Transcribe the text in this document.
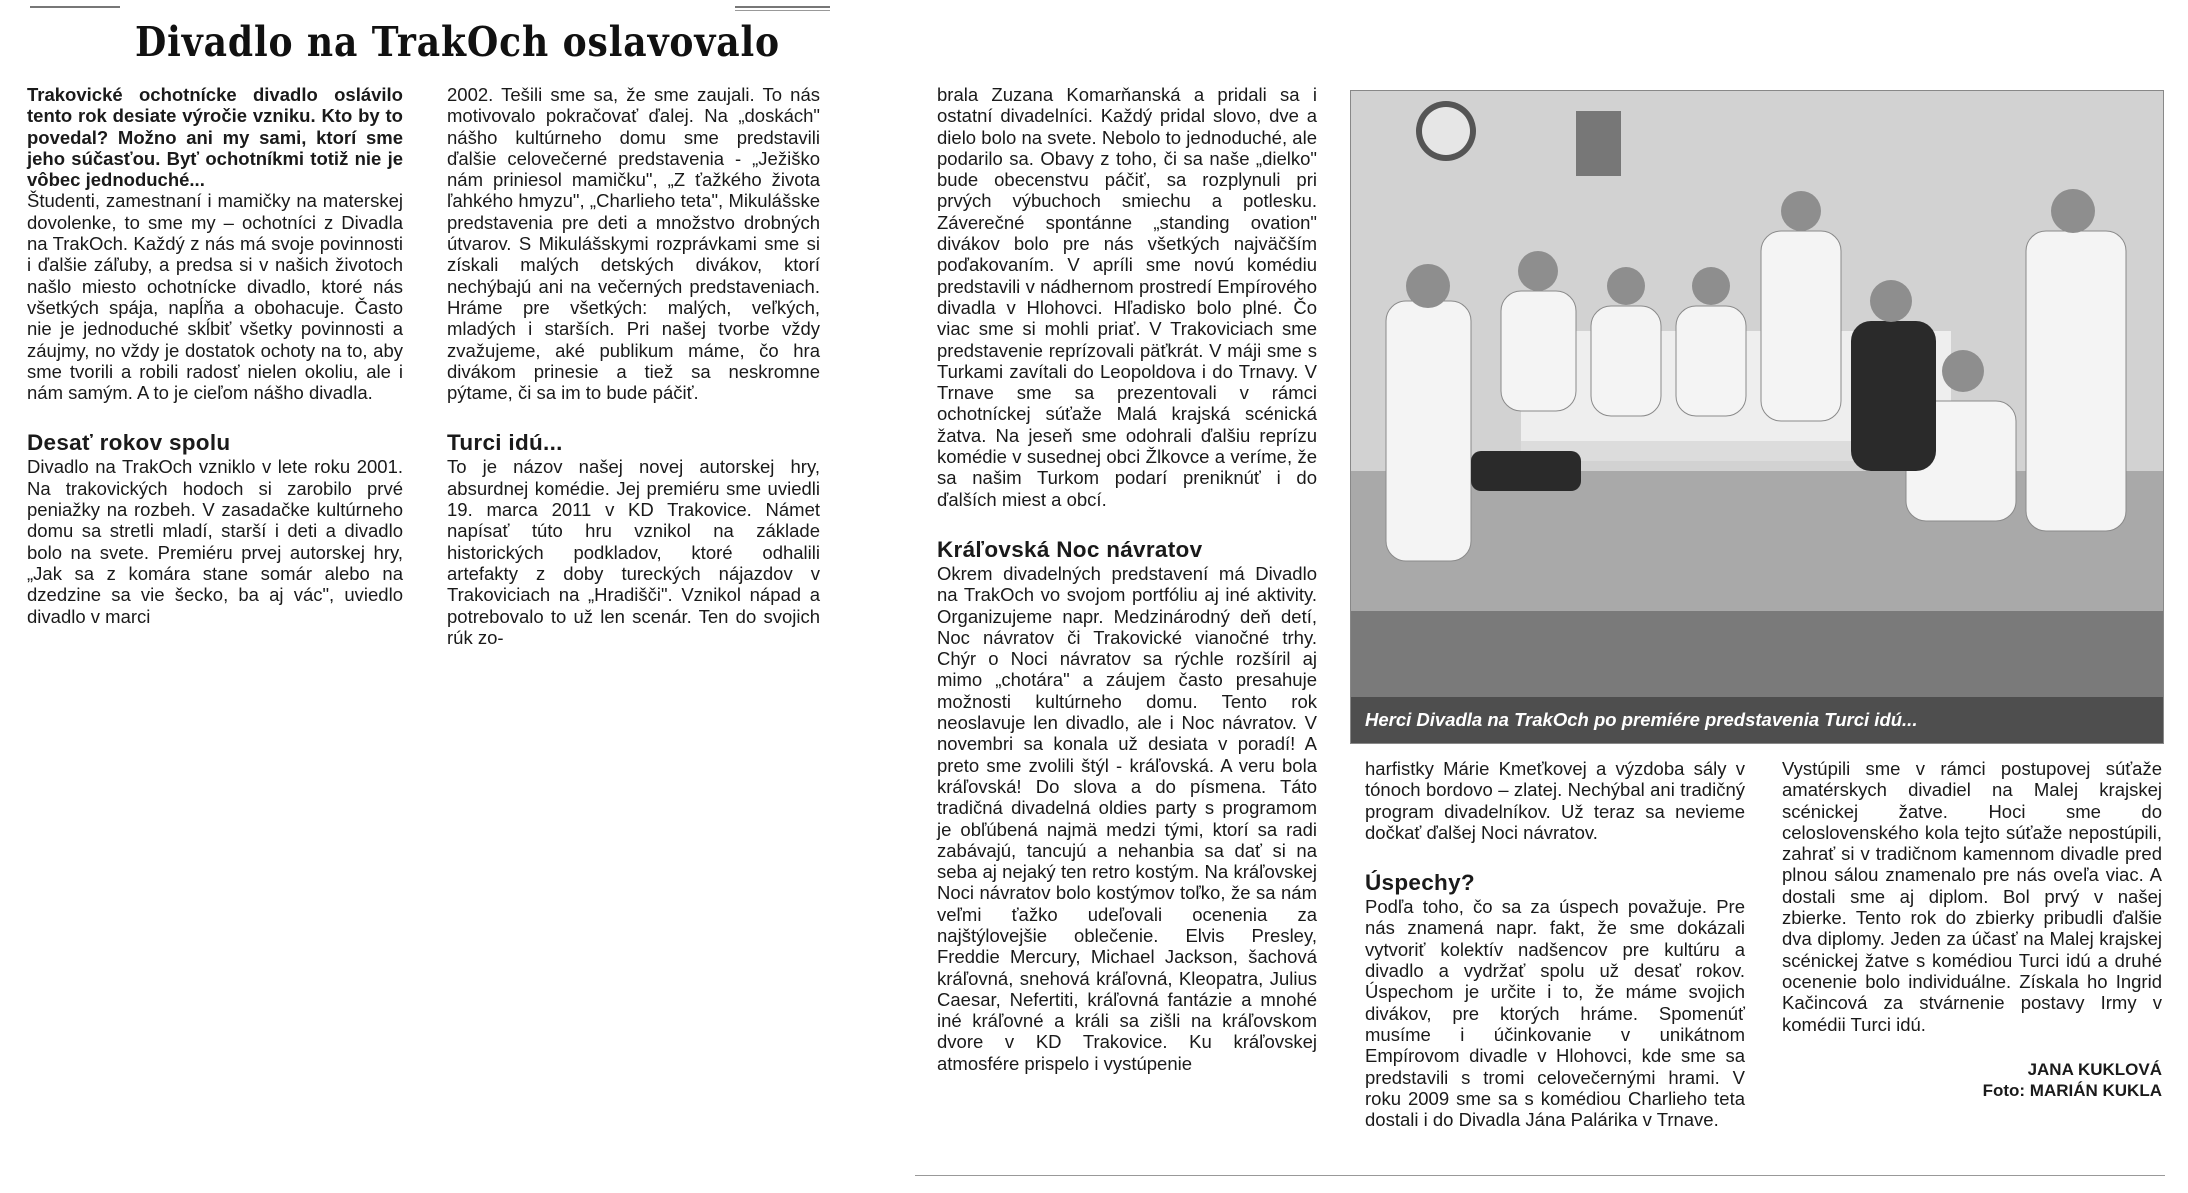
Divadlo na TrakOch oslavovalo

Trakovické ochotnícke divadlo oslávilo tento rok desiate výročie vzniku. Kto by to povedal? Možno ani my sami, ktorí sme jeho súčasťou. Byť ochotníkmi totiž nie je vôbec jednoduché...

Študenti, zamestnaní i mamičky na materskej dovolenke, to sme my – ochotníci z Divadla na TrakOch. Každý z nás má svoje povinnosti i ďalšie záľuby, a predsa si v našich životoch našlo miesto ochotnícke divadlo, ktoré nás všetkých spája, napĺňa a obohacuje. Často nie je jednoduché skĺbiť všetky povinnosti a záujmy, no vždy je dostatok ochoty na to, aby sme tvorili a robili radosť nielen okoliu, ale i nám samým. A to je cieľom nášho divadla.

Desať rokov spolu

Divadlo na TrakOch vzniklo v lete roku 2001. Na trakovických hodoch si zarobilo prvé peniažky na rozbeh. V zasadačke kultúrneho domu sa stretli mladí, starší i deti a divadlo bolo na svete. Premiéru prvej autorskej hry, „Jak sa z komára stane somár alebo na dzedzine sa vie šecko, ba aj vác", uviedlo divadlo v marci

2002. Tešili sme sa, že sme zaujali. To nás motivovalo pokračovať ďalej. Na „doskách" nášho kultúrneho domu sme predstavili ďalšie celovečerné predstavenia - „Ježiško nám priniesol mamičku", „Z ťažkého života ľahkého hmyzu", „Charlieho teta", Mikulášske predstavenia pre deti a množstvo drobných útvarov. S Mikulášskymi rozprávkami sme si získali malých detských divákov, ktorí nechýbajú ani na večerných predstaveniach. Hráme pre všetkých: malých, veľkých, mladých i starších. Pri našej tvorbe vždy zvažujeme, aké publikum máme, čo hra divákom prinesie a tiež sa neskromne pýtame, či sa im to bude páčiť.

Turci idú...

To je názov našej novej autorskej hry, absurdnej komédie. Jej premiéru sme uviedli 19. marca 2011 v KD Trakovice. Námet napísať túto hru vznikol na základe historických podkladov, ktoré odhalili artefakty z doby tureckých nájazdov v Trakoviciach na „Hradišči". Vznikol nápad a potrebovalo to už len scenár. Ten do svojich rúk zo-

brala Zuzana Komarňanská a pridali sa i ostatní divadelníci. Každý pridal slovo, dve a dielo bolo na svete. Nebolo to jednoduché, ale podarilo sa. Obavy z toho, či sa naše „dielko" bude obecenstvu páčiť, sa rozplynuli pri prvých výbuchoch smiechu a potlesku. Záverečné spontánne „standing ovation" divákov bolo pre nás všetkých najväčším poďakovaním. V apríli sme novú komédiu predstavili v nádhernom prostredí Empírového divadla v Hlohovci. Hľadisko bolo plné. Čo viac sme si mohli priať. V Trakoviciach sme predstavenie reprízovali päťkrát. V máji sme s Turkami zavítali do Leopoldova i do Trnavy. V Trnave sme sa prezentovali v rámci ochotníckej súťaže Malá krajská scénická žatva. Na jeseň sme odohrali ďalšiu reprízu komédie v susednej obci Žlkovce a veríme, že sa našim Turkom podarí preniknúť i do ďalších miest a obcí.

Kráľovská Noc návratov

Okrem divadelných predstavení má Divadlo na TrakOch vo svojom portfóliu aj iné aktivity. Organizujeme napr. Medzinárodný deň detí, Noc návratov či Trakovické vianočné trhy. Chýr o Noci návratov sa rýchle rozšíril aj mimo „chotára" a záujem často presahuje možnosti kultúrneho domu. Tento rok neoslavuje len divadlo, ale i Noc návratov. V novembri sa konala už desiata v poradí! A preto sme zvolili štýl - kráľovská. A veru bola kráľovská! Do slova a do písmena. Táto tradičná divadelná oldies party s programom je obľúbená najmä medzi tými, ktorí sa radi zabávajú, tancujú a nehanbia sa dať si na seba aj nejaký ten retro kostým. Na kráľovskej Noci návratov bolo kostýmov toľko, že sa nám veľmi ťažko udeľovali ocenenia za najštýlovejšie oblečenie. Elvis Presley, Freddie Mercury, Michael Jackson, šachová kráľovná, snehová kráľovná, Kleopatra, Julius Caesar, Nefertiti, kráľovná fantázie a mnohé iné kráľovné a králi sa zišli na kráľovskom dvore v KD Trakovice. Ku kráľovskej atmosfére prispelo i vystúpenie

Herci Divadla na TrakOch po premiére predstavenia Turci idú...

harfistky Márie Kmeťkovej a výzdoba sály v tónoch bordovo – zlatej. Nechýbal ani tradičný program divadelníkov. Už teraz sa nevieme dočkať ďalšej Noci návratov.

Úspechy?

Podľa toho, čo sa za úspech považuje. Pre nás znamená napr. fakt, že sme dokázali vytvoriť kolektív nadšencov pre kultúru a divadlo a vydržať spolu už desať rokov. Úspechom je určite i to, že máme svojich divákov, pre ktorých hráme. Spomenúť musíme i účinkovanie v unikátnom Empírovom divadle v Hlohovci, kde sme sa predstavili s tromi celovečernými hrami. V roku 2009 sme sa s komédiou Charlieho teta dostali i do Divadla Jána Palárika v Trnave.

Vystúpili sme v rámci postupovej súťaže amatérskych divadiel na Malej krajskej scénickej žatve. Hoci sme do celoslovenského kola tejto súťaže nepostúpili, zahrať si v tradičnom kamennom divadle pred plnou sálou znamenalo pre nás oveľa viac. A dostali sme aj diplom. Bol prvý v našej zbierke. Tento rok do zbierky pribudli ďalšie dva diplomy. Jeden za účasť na Malej krajskej scénickej žatve s komédiou Turci idú a druhé ocenenie bolo individuálne. Získala ho Ingrid Kačincová za stvárnenie postavy Irmy v komédii Turci idú.

JANA KUKLOVÁ

Foto: MARIÁN KUKLA
